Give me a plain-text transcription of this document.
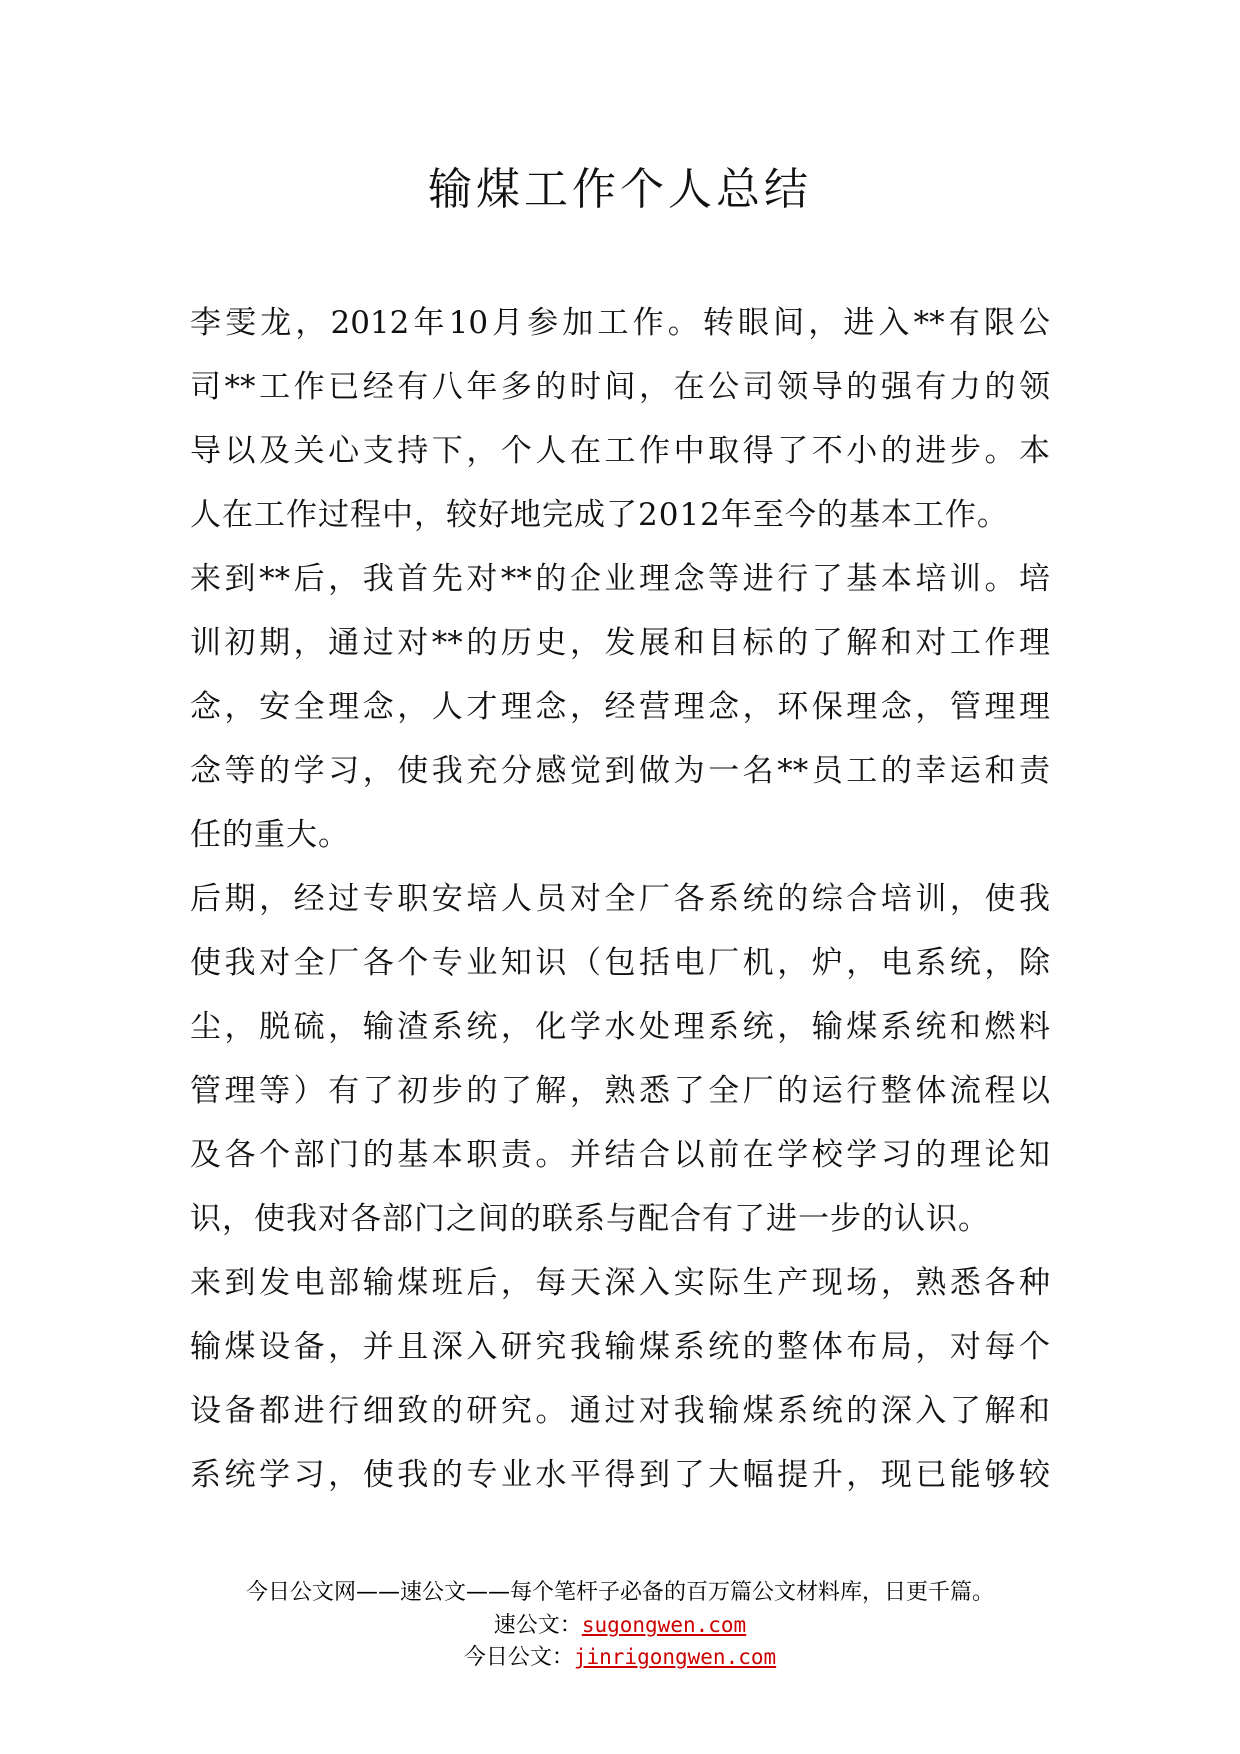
输煤工作个人总结
李雯龙，2012年10月参加工作。转眼间，进入**有限公
司**工作已经有八年多的时间，在公司领导的强有力的领
导以及关心支持下，个人在工作中取得了不小的进步。本
人在工作过程中，较好地完成了2012年至今的基本工作。
来到**后，我首先对**的企业理念等进行了基本培训。培
训初期，通过对**的历史，发展和目标的了解和对工作理
念，安全理念，人才理念，经营理念，环保理念，管理理
念等的学习，使我充分感觉到做为一名**员工的幸运和责
任的重大。
后期，经过专职安培人员对全厂各系统的综合培训，使我
使我对全厂各个专业知识（包括电厂机，炉，电系统，除
尘，脱硫，输渣系统，化学水处理系统，输煤系统和燃料
管理等）有了初步的了解，熟悉了全厂的运行整体流程以
及各个部门的基本职责。并结合以前在学校学习的理论知
识，使我对各部门之间的联系与配合有了进一步的认识。
来到发电部输煤班后，每天深入实际生产现场，熟悉各种
输煤设备，并且深入研究我输煤系统的整体布局，对每个
设备都进行细致的研究。通过对我输煤系统的深入了解和
系统学习，使我的专业水平得到了大幅提升，现已能够较
今日公文网——速公文——每个笔杆子必备的百万篇公文材料库，日更千篇。
速公文：sugongwen.com
今日公文：jinrigongwen.com
